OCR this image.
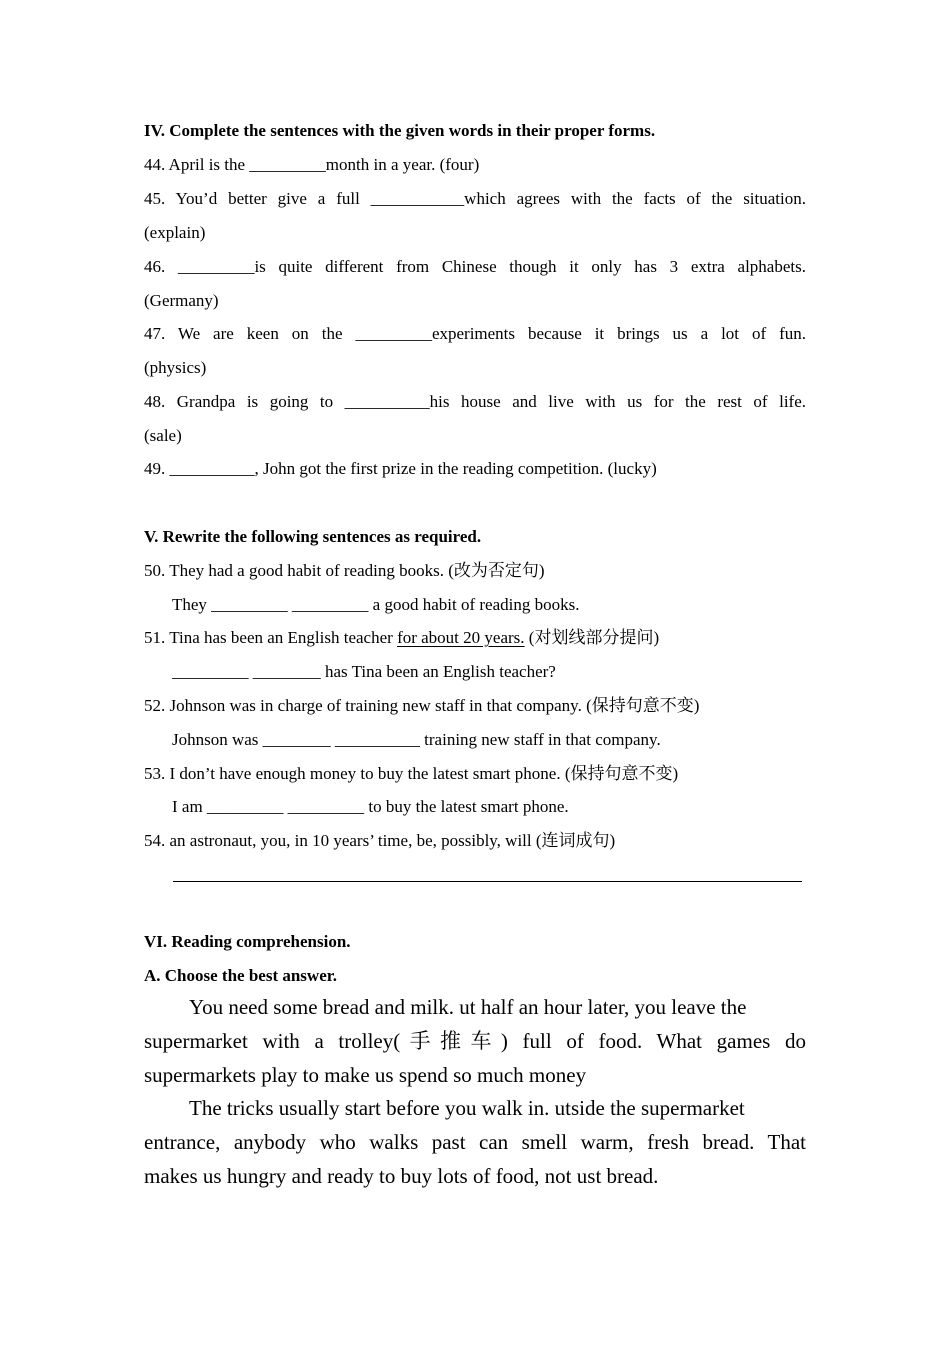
IV. Complete the sentences with the given words in their proper forms.
44. April is the _________month in a year. (four)
45. You’d better give a full ___________which agrees with the facts of the situation.
(explain)
46. _________is quite different from Chinese though it only has 3 extra alphabets.
(Germany)
47. We are keen on the _________experiments because it brings us a lot of fun.
(physics)
48. Grandpa is going to __________his house and live with us for the rest of life.
(sale)
49. __________, John got the first prize in the reading competition. (lucky)
V. Rewrite the following sentences as required.
50. They had a good habit of reading books. (改为否定句)
They _________ _________ a good habit of reading books.
51. Tina has been an English teacher for about 20 years. (对划线部分提问)
_________ ________ has Tina been an English teacher?
52. Johnson was in charge of training new staff in that company. (保持句意不变)
Johnson was ________ __________ training new staff in that company.
53. I don’t have enough money to buy the latest smart phone. (保持句意不变)
I am _________ _________ to buy the latest smart phone.
54. an astronaut, you, in 10 years’ time, be, possibly, will (连词成句)
VI. Reading comprehension.
A. Choose the best answer.
You need some bread and milk. ut half an hour later, you leave the
supermarket with a trolley(手推车) full of food. What games do
supermarkets play to make us spend so much money
The tricks usually start before you walk in. utside the supermarket
entrance, anybody who walks past can smell warm, fresh bread. That
makes us hungry and ready to buy lots of food, not ust bread.
